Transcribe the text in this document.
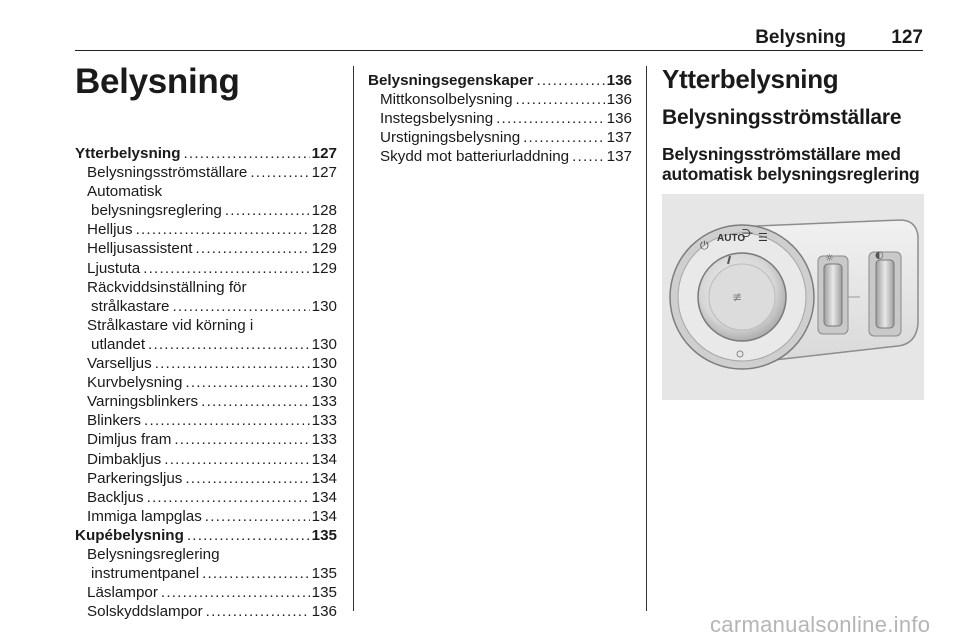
Belysning 127
Belysning
Ytterbelysning .....	127
Belysningsströmställare .....	127
Automatisk
belysningsreglering .....	128
Helljus .....	128
Helljusassistent .....	129
Ljustuta .....	129
Räckviddsinställning för
strålkastare .....	130
Strålkastare vid körning i
utlandet .....	130
Varselljus .....	130
Kurvbelysning .....	130
Varningsblinkers .....	133
Blinkers .....	133
Dimljus fram .....	133
Dimbakljus .....	134
Parkeringsljus .....	134
Backljus .....	134
Immiga lampglas .....	134
Kupébelysning .....	135
Belysningsreglering
instrumentpanel .....	135
Läslampor .....	135
Solskyddslampor .....	136
Belysningsegenskaper .....	136
Mittkonsolbelysning .....	136
Instegsbelysning .....	136
Urstigningsbelysning .....	137
Skydd mot batteriurladdning ..... 137
Ytterbelysning
Belysningsströmställare
Belysningsströmställare med automatisk belysningsreglering
⏻
AUTO
⋺ ☰
≢
☼	◐
carmanualsonline.info
